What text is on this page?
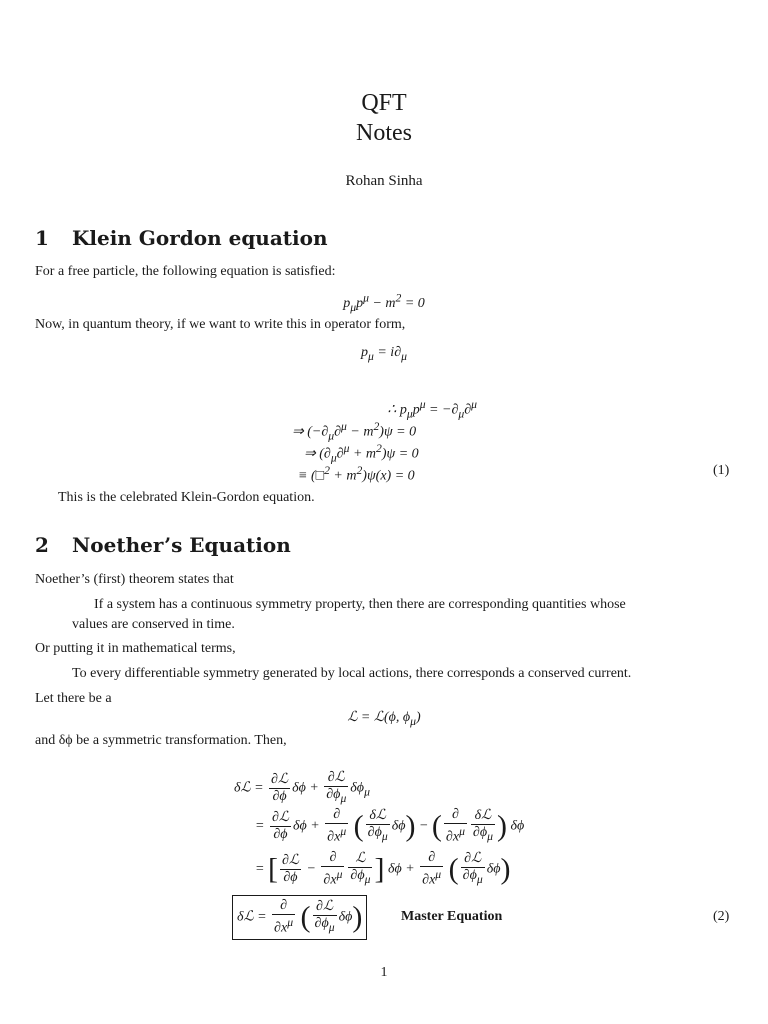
QFT
Notes
Rohan Sinha
1 Klein Gordon equation
For a free particle, the following equation is satisfied:
$p_\mu p^\mu - m^2 = 0$
Now, in quantum theory, if we want to write this in operator form,
$p_\mu = i\partial_\mu$
∴ $p_\mu p^\mu = -\partial_\mu\partial^\mu$
⇒ $(-\partial_\mu\partial^\mu - m^2)\psi = 0$
⇒ $(\partial_\mu\partial^\mu + m^2)\psi = 0$
≡ (□$^2$ + $m^2)\psi(x) = 0$	(1)
This is the celebrated Klein-Gordon equation.
2 Noether’s Equation
Noether’s (first) theorem states that
If a system has a continuous symmetry property, then there are corresponding quantities whose
values are conserved in time.
Or putting it in mathematical terms,
To every differentiable symmetry generated by local actions, there corresponds a conserved current.
Let there be a
ℒ = ℒ(ϕ, $\phi_\mu$)
and δϕ be a symmetric transformation. Then,
δℒ = $\frac{\text{∂ℒ}}{\partial\phi}$ $\delta\phi + \frac{\text{∂ℒ}}{\partial\phi_\mu} \delta\phi_\mu$
= $\frac{\text{∂ℒ}}{\partial\phi}$ $\delta\phi + \frac{\partial}{\partial x^\mu}$ ( $\frac{\text{δℒ}}{\partial\phi_\mu} \delta\phi$) − ( $\frac{\partial}{\partial x^\mu} \frac{\text{δℒ}}{\partial\phi_\mu}$ ) δϕ
= [ $\frac{\text{∂ℒ}}{\partial\phi} - \frac{\partial}{\partial x^\mu} \frac{\text{ℒ}}{\partial\phi_\mu}$ ] $\delta\phi + \frac{\partial}{\partial x^\mu}$ ( $\frac{\text{∂ℒ}}{\partial\phi_\mu} \delta\phi$)
δℒ = $\frac{\partial}{\partial x^\mu}$ ( $\frac{\text{∂ℒ}}{\partial\phi_\mu} \delta\phi$)	Master Equation	(2)
1
